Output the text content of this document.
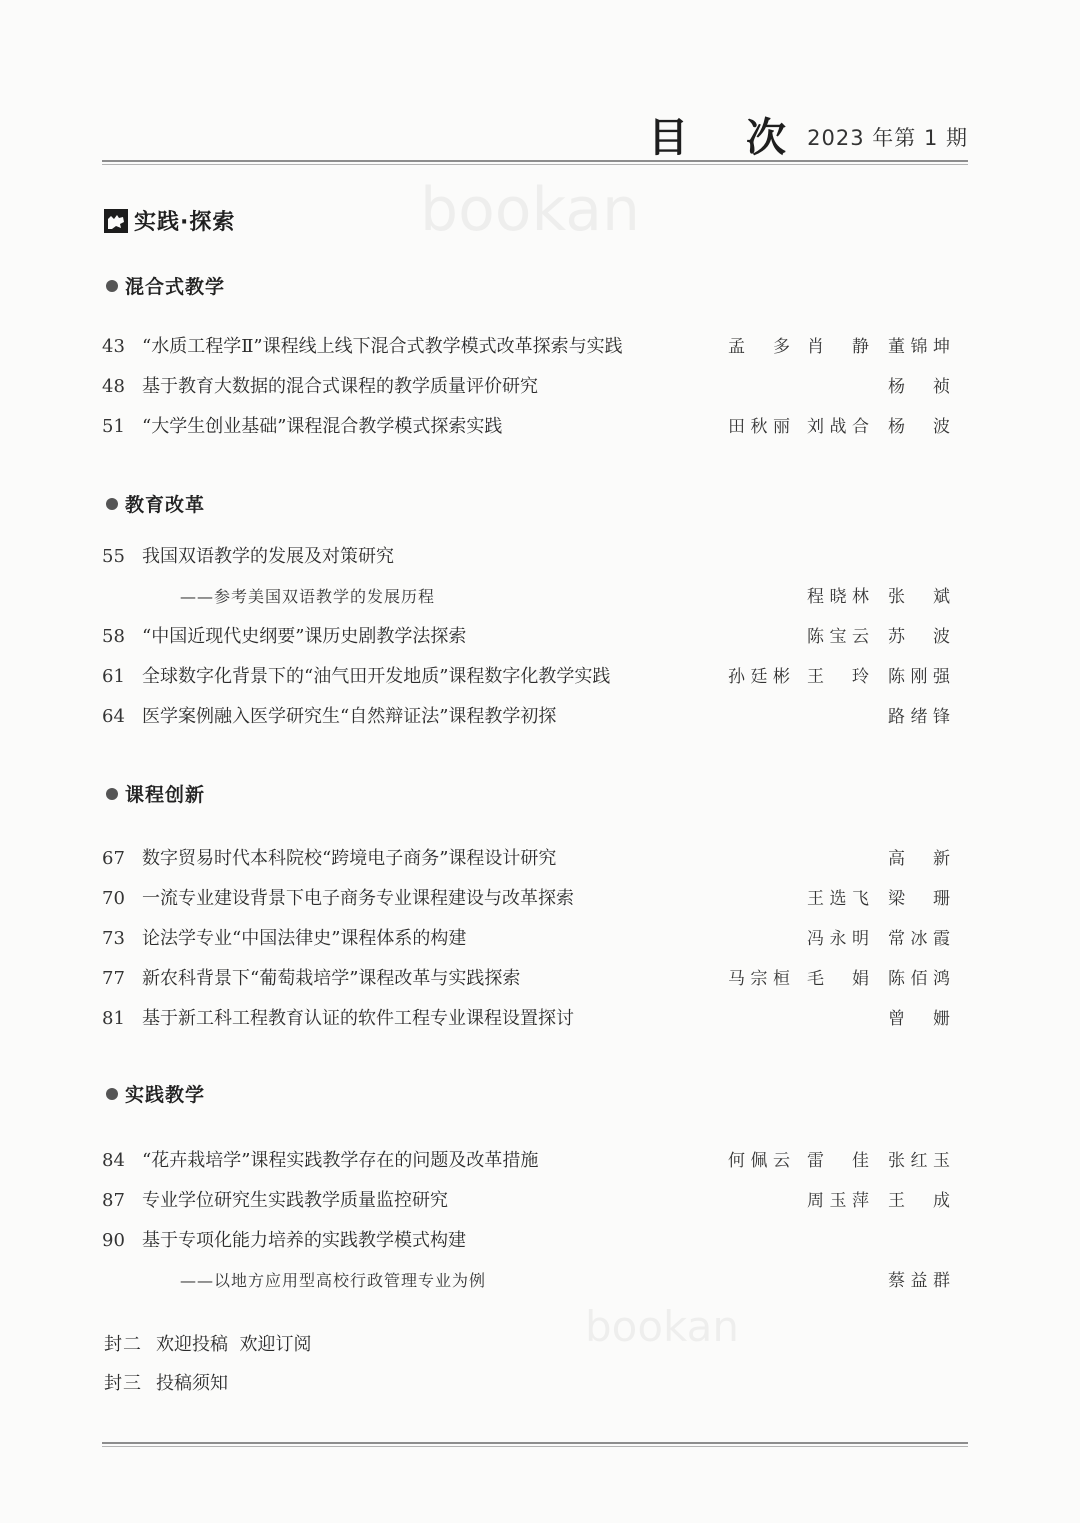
目 次 2023 年第 1 期
bookan
bookan
实践·探索
混合式教学
43 “水质工程学Ⅱ”课程线上线下混合式教学模式改革探索与实践	孟 多 肖 静 董锦坤
48 基于教育大数据的混合式课程的教学质量评价研究	杨 祯
51 “大学生创业基础”课程混合教学模式探索实践	田秋丽 刘战合 杨 波
教育改革
55 我国双语教学的发展及对策研究
——参考美国双语教学的发展历程	程晓林 张 斌
58 “中国近现代史纲要”课历史剧教学法探索	陈宝云 苏 波
61 全球数字化背景下的“油气田开发地质”课程数字化教学实践	孙廷彬 王 玲 陈刚强
64 医学案例融入医学研究生“自然辩证法”课程教学初探	路绪锋
课程创新
67 数字贸易时代本科院校“跨境电子商务”课程设计研究	高 新
70 一流专业建设背景下电子商务专业课程建设与改革探索	王选飞 梁 珊
73 论法学专业“中国法律史”课程体系的构建	冯永明 常冰霞
77 新农科背景下“葡萄栽培学”课程改革与实践探索	马宗桓 毛 娟 陈佰鸿
81 基于新工科工程教育认证的软件工程专业课程设置探讨	曾 姗
实践教学
84 “花卉栽培学”课程实践教学存在的问题及改革措施	何佩云 雷 佳 张红玉
87 专业学位研究生实践教学质量监控研究	周玉萍 王 成
90 基于专项化能力培养的实践教学模式构建
——以地方应用型高校行政管理专业为例	蔡益群
封二 欢迎投稿  欢迎订阅
封三 投稿须知
